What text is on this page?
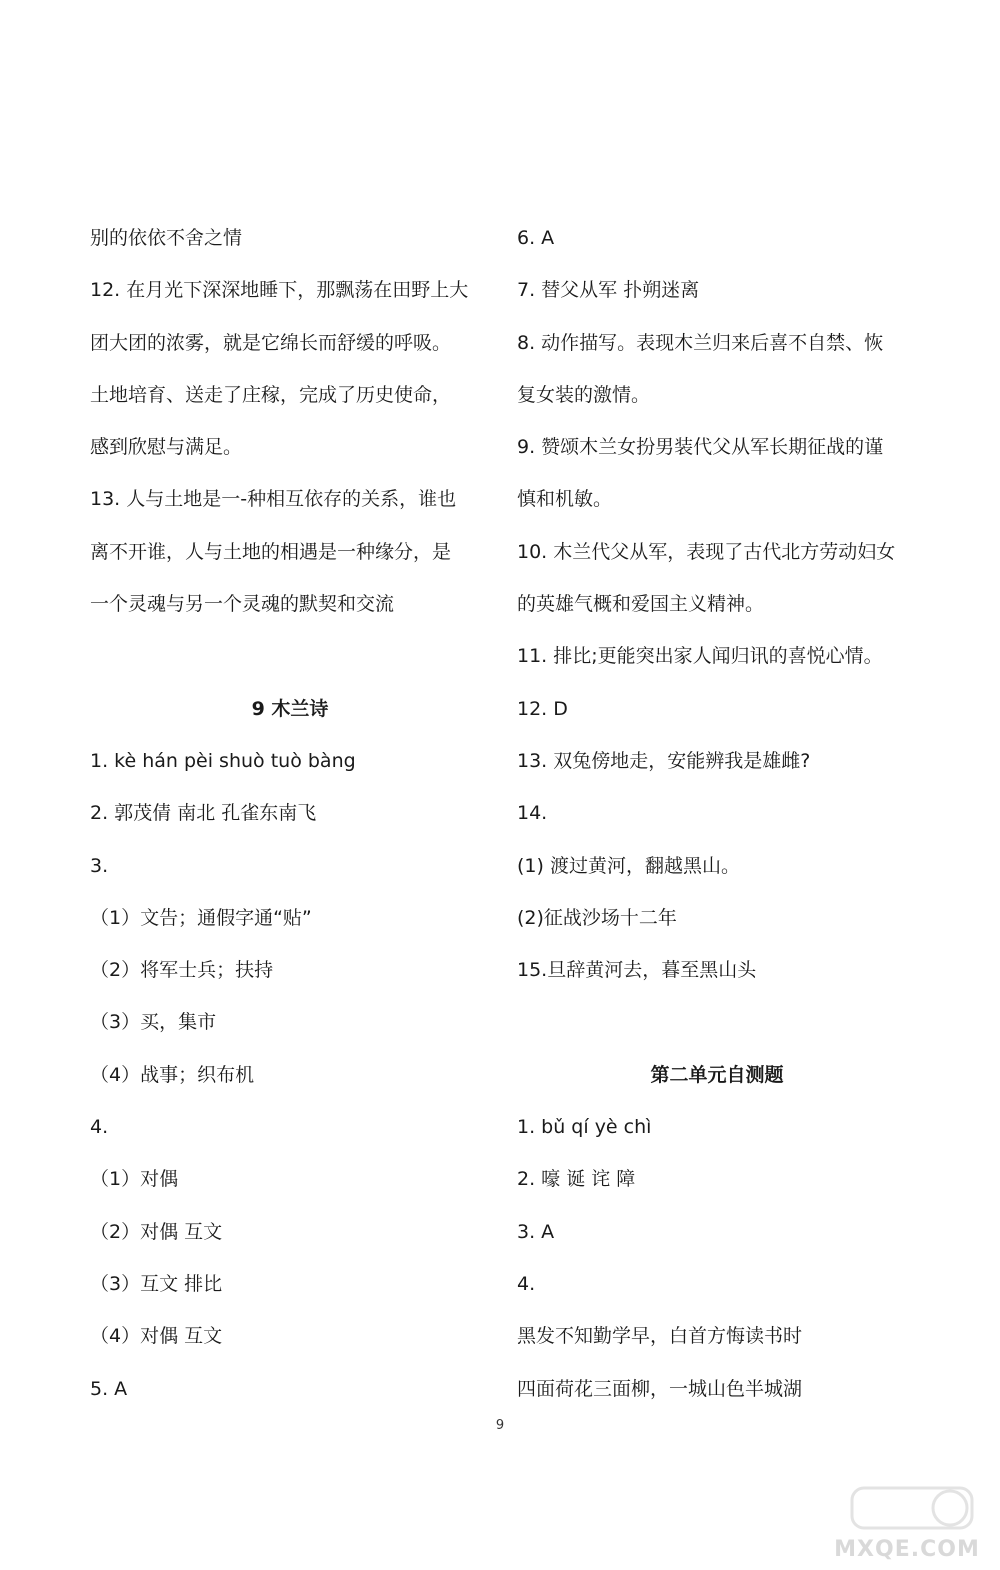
别的依依不舍之情
12. 在月光下深深地睡下，那飘荡在田野上大
团大团的浓雾，就是它绵长而舒缓的呼吸。
土地培育、送走了庄稼，完成了历史使命，
感到欣慰与满足。
13. 人与土地是一-种相互依存的关系，谁也
离不开谁，人与土地的相遇是一种缘分，是
一个灵魂与另一个灵魂的默契和交流
9 木兰诗
1. kè hán pèi shuò tuò bàng
2. 郭茂倩 南北 孔雀东南飞
3.
（1）文告；通假字通“贴”
（2）将军士兵；扶持
（3）买，集市
（4）战事；织布机
4.
（1）对偶
（2）对偶 互文
（3）互文 排比
（4）对偶 互文
5. A
6. A
7. 替父从军 扑朔迷离
8. 动作描写。表现木兰归来后喜不自禁、恢
复女装的激情。
9. 赞颂木兰女扮男装代父从军长期征战的谨
慎和机敏。
10. 木兰代父从军，表现了古代北方劳动妇女
的英雄气概和爱国主义精神。
11. 排比;更能突出家人闻归讯的喜悦心情。
12. D
13. 双兔傍地走，安能辨我是雄雌?
14.
(1) 渡过黄河，翻越黑山。
(2)征战沙场十二年
15.旦辞黄河去，暮至黑山头
第二单元自测题
1. bǔ qí yè chì
2. 嚎 诞 诧 障
3. A
4.
黑发不知勤学早，白首方悔读书时
四面荷花三面柳，一城山色半城湖
9
MXQE.COM
